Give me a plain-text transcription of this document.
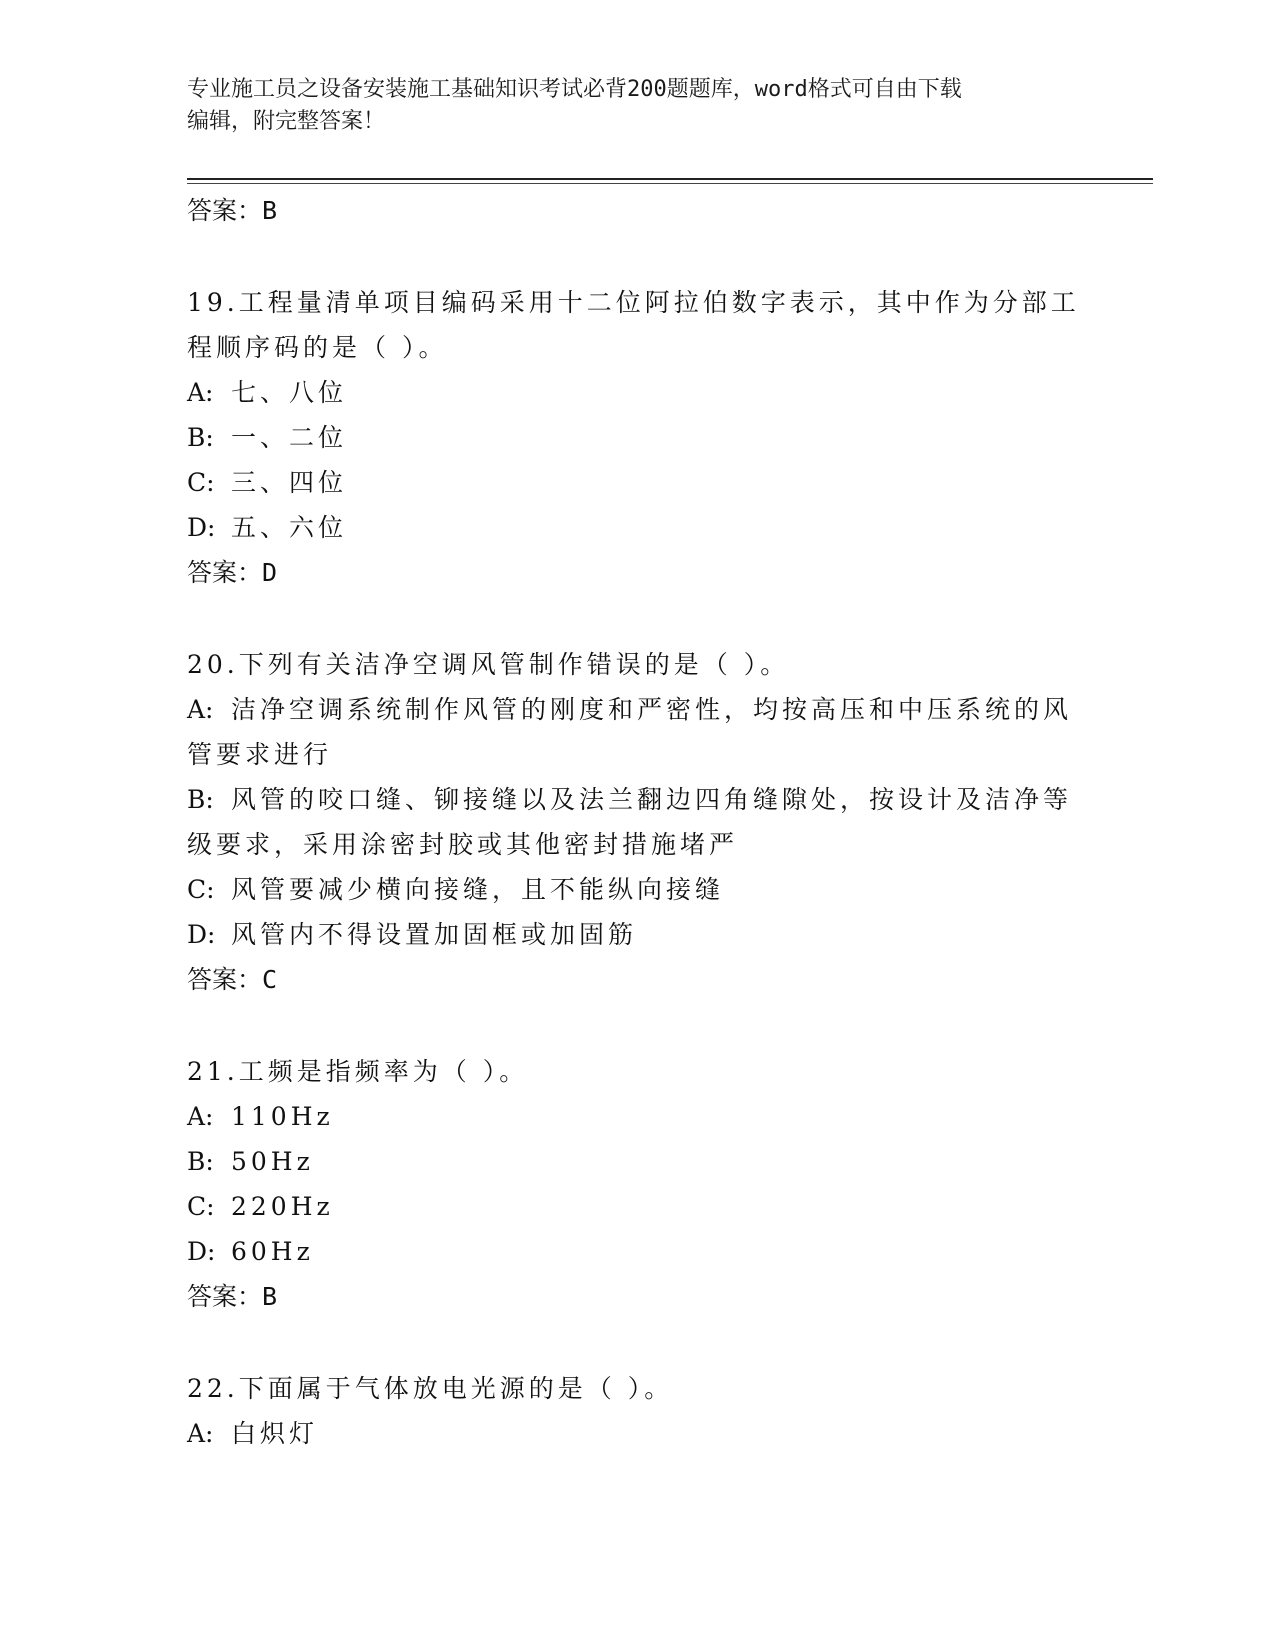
专业施工员之设备安装施工基础知识考试必背200题题库，word格式可自由下载
编辑，附完整答案！
答案：B
19.工程量清单项目编码采用十二位阿拉伯数字表示，其中作为分部工程顺序码的是（ ）。
A: 七、八位
B: 一、二位
C: 三、四位
D: 五、六位
答案：D
20.下列有关洁净空调风管制作错误的是（ ）。
A: 洁净空调系统制作风管的刚度和严密性，均按高压和中压系统的风管要求进行
B: 风管的咬口缝、铆接缝以及法兰翻边四角缝隙处，按设计及洁净等级要求，采用涂密封胶或其他密封措施堵严
C: 风管要减少横向接缝，且不能纵向接缝
D: 风管内不得设置加固框或加固筋
答案：C
21.工频是指频率为（ ）。
A: 110Hz
B: 50Hz
C: 220Hz
D: 60Hz
答案：B
22.下面属于气体放电光源的是（ ）。
A: 白炽灯
